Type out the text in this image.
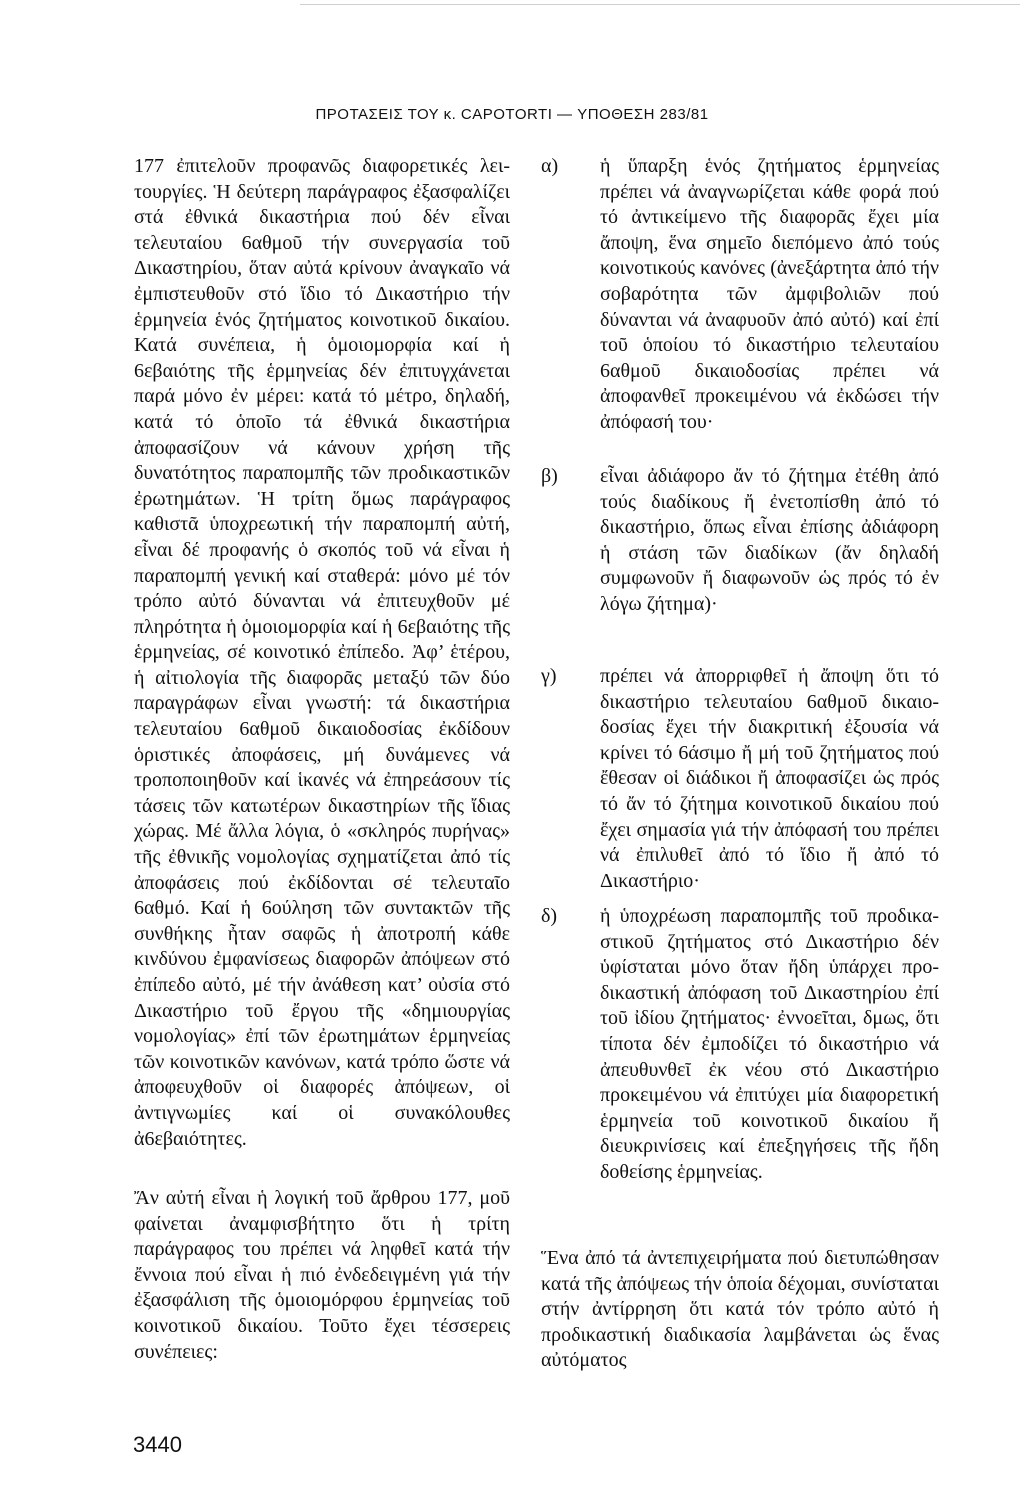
ΠΡΟΤΑΣΕΙΣ ΤΟΥ κ. CAPOTORTI — ΥΠΟΘΕΣΗ 283/81

177 ἐπιτελοῦν προφανῶς διαφορετικές λειτουργίες. Ἡ δεύτερη παράγραφος ἐξασφαλίζει στά ἐθνικά δικαστήρια πού δέν εἶναι τελευταίου 6αθμοῦ τήν συνεργασία τοῦ Δικαστηρίου, ὅταν αὐτά κρίνουν ἀναγκαῖο νά ἐμπιστευθοῦν στό ἴδιο τό Δικαστήριο τήν ἑρμηνεία ἑνός ζητήματος κοινοτικοῦ δικαίου. Κατά συνέπεια, ἡ ὁμοιομορφία καί ἡ 6εβαιότης τῆς ἑρμηνείας δέν ἐπιτυγχάνεται παρά μόνο ἐν μέρει: κατά τό μέτρο, δηλαδή, κατά τό ὁποῖο τά ἐθνικά δικαστήρια ἀποφασίζουν νά κάνουν χρήση τῆς δυνατότητος παραπομπῆς τῶν προδικαστικῶν ἐρωτημάτων. Ἡ τρίτη ὅμως παράγραφος καθιστᾶ ὑποχρεωτική τήν παραπομπή αὐτή, εἶναι δέ προφανής ὁ σκοπός τοῦ νά εἶναι ἡ παραπομπή γενική καί σταθερά: μόνο μέ τόν τρόπο αὐτό δύνανται νά ἐπιτευχθοῦν μέ πληρότητα ἡ ὁμοιομορφία καί ἡ 6εβαιότης τῆς ἑρμηνείας, σέ κοινοτικό ἐπίπεδο. Ἀφ’ ἑτέρου, ἡ αἰτιολογία τῆς διαφορᾶς μεταξύ τῶν δύο παραγράφων εἶναι γνωστή: τά δικαστήρια τελευταίου 6αθμοῦ δικαιοδοσίας ἐκδίδουν ὁριστικές ἀποφάσεις, μή δυνάμενες νά τροποποιηθοῦν καί ἱκανές νά ἐπηρεάσουν τίς τάσεις τῶν κατωτέρων δικαστηρίων τῆς ἴδιας χώρας. Μέ ἄλλα λόγια, ὁ «σκληρός πυρήνας» τῆς ἐθνικῆς νομολογίας σχηματίζεται ἀπό τίς ἀποφάσεις πού ἐκδίδονται σέ τελευταῖο 6αθμό. Καί ἡ 6ούληση τῶν συντακτῶν τῆς συνθήκης ἦταν σαφῶς ἡ ἀποτροπή κάθε κινδύνου ἐμφανίσεως διαφορῶν ἀπόψεων στό ἐπίπεδο αὐτό, μέ τήν ἀνάθεση κατ’ οὐσία στό Δικαστήριο τοῦ ἔργου τῆς «δημιουργίας νομολογίας» ἐπί τῶν ἐρωτημάτων ἑρμηνείας τῶν κοινοτικῶν κανόνων, κατά τρόπο ὥστε νά ἀποφευχθοῦν οἱ διαφορές ἀπόψεων, οἱ ἀντιγνωμίες καί οἱ συνακόλουθες ἀ6εβαιότητες.

Ἄν αὐτή εἶναι ἡ λογική τοῦ ἄρθρου 177, μοῦ φαίνεται ἀναμφισβήτητο ὅτι ἡ τρίτη παράγραφος του πρέπει νά ληφθεῖ κατά τήν ἔννοια πού εἶναι ἡ πιό ἐνδεδειγμένη γιά τήν ἐξασφάλιση τῆς ὁμοιομόρφου ἑρμηνείας τοῦ κοινοτικοῦ δικαίου. Τοῦτο ἔχει τέσσερεις συνέπειες:

α)	ἡ ὕπαρξη ἑνός ζητήματος ἑρμηνείας πρέπει νά ἀναγνωρίζεται κάθε φορά πού τό ἀντικείμενο τῆς διαφορᾶς ἔχει μία ἄποψη, ἕνα σημεῖο διεπόμενο ἀπό τούς κοινοτικούς κανόνες (ἀνεξάρτητα ἀπό τήν σοβαρότητα τῶν ἀμφιβολιῶν πού δύνανται νά ἀναφυοῦν ἀπό αὐτό) καί ἐπί τοῦ ὁποίου τό δικαστήριο τελευταίου 6αθμοῦ δικαιοδοσίας πρέπει νά ἀποφανθεῖ προκειμένου νά ἐκδώσει τήν ἀπόφασή του·
β)	εἶναι ἀδιάφορο ἄν τό ζήτημα ἐτέθη ἀπό τούς διαδίκους ἤ ἐνετοπίσθη ἀπό τό δικαστήριο, ὅπως εἶναι ἐπίσης ἀδιάφορη ἡ στάση τῶν διαδίκων (ἄν δηλαδή συμφωνοῦν ἤ διαφωνοῦν ὡς πρός τό ἐν λόγω ζήτημα)·
γ)	πρέπει νά ἀπορριφθεῖ ἡ ἄποψη ὅτι τό δικαστήριο τελευταίου 6αθμοῦ δικαιοδοσίας ἔχει τήν διακριτική ἐξουσία νά κρίνει τό 6άσιμο ἤ μή τοῦ ζητήματος πού ἔθεσαν οἱ διάδικοι ἤ ἀποφασίζει ὡς πρός τό ἄν τό ζήτημα κοινοτικοῦ δικαίου πού ἔχει σημασία γιά τήν ἀπόφασή του πρέπει νά ἐπιλυθεῖ ἀπό τό ἴδιο ἤ ἀπό τό Δικαστήριο·
δ)	ἡ ὑποχρέωση παραπομπῆς τοῦ προδικαστικοῦ ζητήματος στό Δικαστήριο δέν ὑφίσταται μόνο ὅταν ἤδη ὑπάρχει προδικαστική ἀπόφαση τοῦ Δικαστηρίου ἐπί τοῦ ἰδίου ζητήματος· ἐννοεῖται, δμως, ὅτι τίποτα δέν ἐμποδίζει τό δικαστήριο νά ἀπευθυνθεῖ ἐκ νέου στό Δικαστήριο προκειμένου νά ἐπιτύχει μία διαφορετική ἑρμηνεία τοῦ κοινοτικοῦ δικαίου ἤ διευκρινίσεις καί ἐπεξηγήσεις τῆς ἤδη δοθείσης ἑρμηνείας.

Ἕνα ἀπό τά ἀντεπιχειρήματα πού διετυπώθησαν κατά τῆς ἀπόψεως τήν ὁποία δέχομαι, συνίσταται στήν ἀντίρρηση ὅτι κατά τόν τρόπο αὐτό ἡ προδικαστική διαδικασία λαμβάνεται ὡς ἕνας αὐτόματος

3440
